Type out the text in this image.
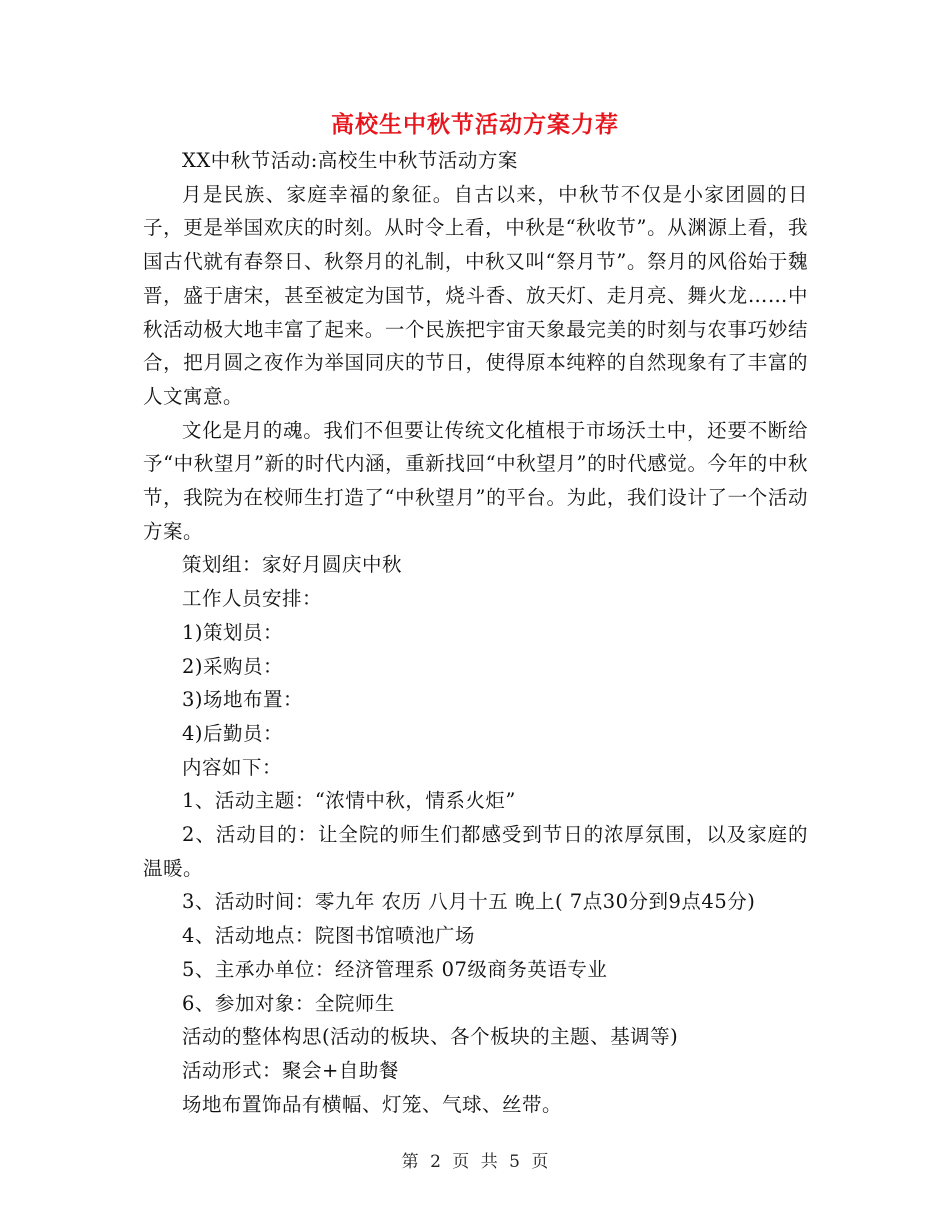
高校生中秋节活动方案力荐

XX中秋节活动:高校生中秋节活动方案

月是民族、家庭幸福的象征。自古以来，中秋节不仅是小家团圆的日子，更是举国欢庆的时刻。从时令上看，中秋是“秋收节”。从渊源上看，我国古代就有春祭日、秋祭月的礼制，中秋又叫“祭月节”。祭月的风俗始于魏晋，盛于唐宋，甚至被定为国节，烧斗香、放天灯、走月亮、舞火龙……中秋活动极大地丰富了起来。一个民族把宇宙天象最完美的时刻与农事巧妙结合，把月圆之夜作为举国同庆的节日，使得原本纯粹的自然现象有了丰富的人文寓意。

文化是月的魂。我们不但要让传统文化植根于市场沃土中，还要不断给予“中秋望月”新的时代内涵，重新找回“中秋望月”的时代感觉。今年的中秋节，我院为在校师生打造了“中秋望月”的平台。为此，我们设计了一个活动方案。

策划组：家好月圆庆中秋

工作人员安排：

1)策划员：

2)采购员：

3)场地布置：

4)后勤员：

内容如下：

1、活动主题：“浓情中秋，情系火炬”

2、活动目的：让全院的师生们都感受到节日的浓厚氛围，以及家庭的温暖。

3、活动时间：零九年 农历 八月十五 晚上( 7点30分到9点45分)

4、活动地点：院图书馆喷池广场

5、主承办单位：经济管理系 07级商务英语专业

6、参加对象：全院师生

活动的整体构思(活动的板块、各个板块的主题、基调等)

活动形式：聚会+自助餐

场地布置饰品有横幅、灯笼、气球、丝带。

第 2 页 共 5 页
